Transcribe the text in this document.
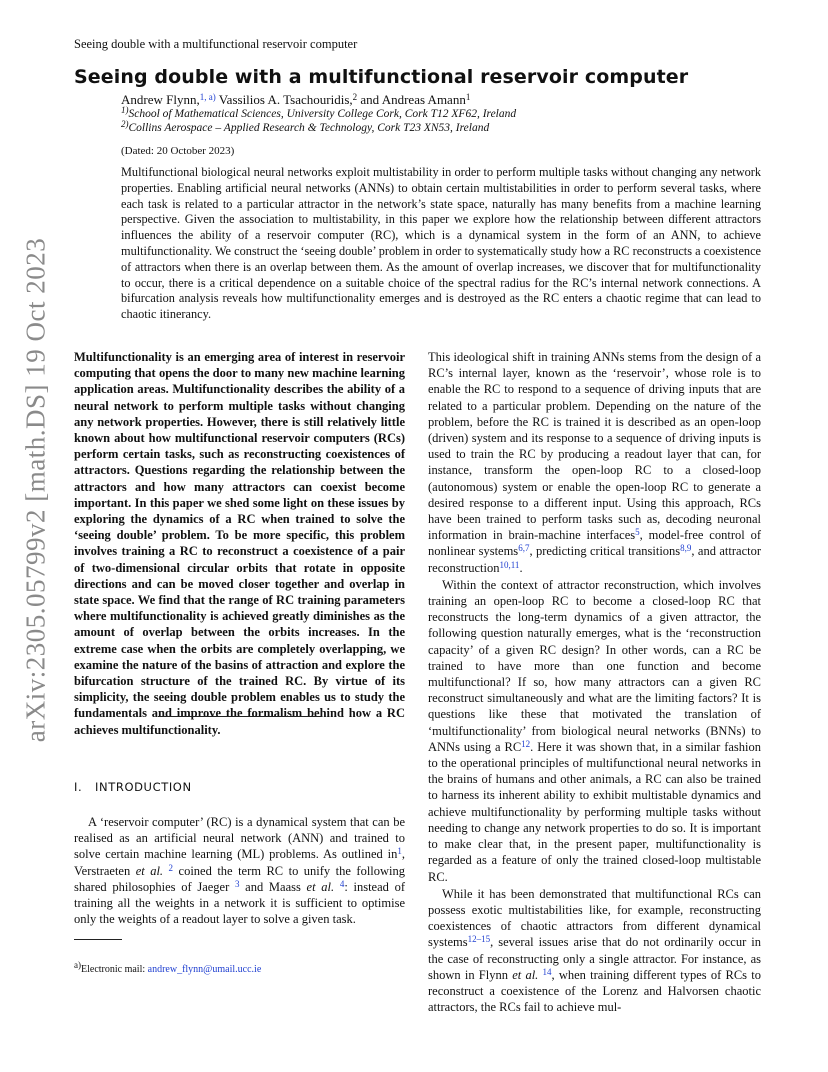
Seeing double with a multifunctional reservoir computer
arXiv:2305.05799v2 [math.DS] 19 Oct 2023
Seeing double with a multifunctional reservoir computer
Andrew Flynn,$^{1, a)}$ Vassilios A. Tsachouridis,$^2$ and Andreas Amann$^1$
$^{1)}$School of Mathematical Sciences, University College Cork, Cork T12 XF62, Ireland
$^{2)}$Collins Aerospace – Applied Research & Technology, Cork T23 XN53, Ireland
(Dated: 20 October 2023)
Multifunctional biological neural networks exploit multistability in order to perform multiple tasks without changing any network properties. Enabling artificial neural networks (ANNs) to obtain certain multistabilities in order to perform several tasks, where each task is related to a particular attractor in the network’s state space, naturally has many benefits from a machine learning perspective. Given the association to multistability, in this paper we explore how the relationship between different attractors influences the ability of a reservoir computer (RC), which is a dynamical system in the form of an ANN, to achieve multifunctionality. We construct the ‘seeing double’ problem in order to systematically study how a RC reconstructs a coexistence of attractors when there is an overlap between them. As the amount of overlap increases, we discover that for multifunctionality to occur, there is a critical dependence on a suitable choice of the spectral radius for the RC’s internal network connections. A bifurcation analysis reveals how multifunctionality emerges and is destroyed as the RC enters a chaotic regime that can lead to chaotic itinerancy.

Multifunctionality is an emerging area of interest in reservoir computing that opens the door to many new machine learning application areas. Multifunctionality describes the ability of a neural network to perform multiple tasks without changing any network properties. However, there is still relatively little known about how multifunctional reservoir computers (RCs) perform certain tasks, such as reconstructing coexistences of attractors. Questions regarding the relationship between the attractors and how many attractors can coexist become important. In this paper we shed some light on these issues by exploring the dynamics of a RC when trained to solve the ‘seeing double’ problem. To be more specific, this problem involves training a RC to reconstruct a coexistence of a pair of two-dimensional circular orbits that rotate in opposite directions and can be moved closer together and overlap in state space. We find that the range of RC training parameters where multifunctionality is achieved greatly diminishes as the amount of overlap between the orbits increases. In the extreme case when the orbits are completely overlapping, we examine the nature of the basins of attraction and explore the bifurcation structure of the trained RC. By virtue of its simplicity, the seeing double problem enables us to study the fundamentals and improve the formalism behind how a RC achieves multifunctionality.

I. INTRODUCTION

A ‘reservoir computer’ (RC) is a dynamical system that can be realised as an artificial neural network (ANN) and trained to solve certain machine learning (ML) problems. As outlined $in^1$, Verstraeten et al. $^2$ coined the term RC to unify the following shared philosophies of Jaeger $^3$ and Maass et al. $^4$: instead of training all the weights in a network it is sufficient to optimise only the weights of a readout layer to solve a given task.

$^{a)}$Electronic mail: andrew_flynn@umail.ucc.ie

This ideological shift in training ANNs stems from the design of a RC’s internal layer, known as the ‘reservoir’, whose role is to enable the RC to respond to a sequence of driving inputs that are related to a particular problem. Depending on the nature of the problem, before the RC is trained it is described as an open-loop (driven) system and its response to a sequence of driving inputs is used to train the RC by producing a readout layer that can, for instance, transform the open-loop RC to a closed-loop (autonomous) system or enable the open-loop RC to generate a desired response to a different input. Using this approach, RCs have been trained to perform tasks such as, decoding neuronal information in brain-machine interfaces$^5$, model-free control of nonlinear systems$^{6,7}$, predicting critical transitions$^{8,9}$, and attractor reconstruction$^{10,11}$.

Within the context of attractor reconstruction, which involves training an open-loop RC to become a closed-loop RC that reconstructs the long-term dynamics of a given attractor, the following question naturally emerges, what is the ‘reconstruction capacity’ of a given RC design? In other words, can a RC be trained to have more than one function and become multifunctional? If so, how many attractors can a given RC reconstruct simultaneously and what are the limiting factors? It is questions like these that motivated the translation of ‘multifunctionality’ from biological neural networks (BNNs) to ANNs using a RC$^{12}$. Here it was shown that, in a similar fashion to the operational principles of multifunctional neural networks in the brains of humans and other animals, a RC can also be trained to harness its inherent ability to exhibit multistable dynamics and achieve multifunctionality by performing multiple tasks without needing to change any network properties to do so. It is important to make clear that, in the present paper, multifunctionality is regarded as a feature of only the trained closed-loop multistable RC.

While it has been demonstrated that multifunctional RCs can possess exotic multistabilities like, for example, reconstructing coexistences of chaotic attractors from different dynamical systems$^{12-15}$, several issues arise that do not ordinarily occur in the case of reconstructing only a single attractor. For instance, as shown in Flynn et al. $^{14}$, when training different types of RCs to reconstruct a coexistence of the Lorenz and Halvorsen chaotic attractors, the RCs fail to achieve mul-
